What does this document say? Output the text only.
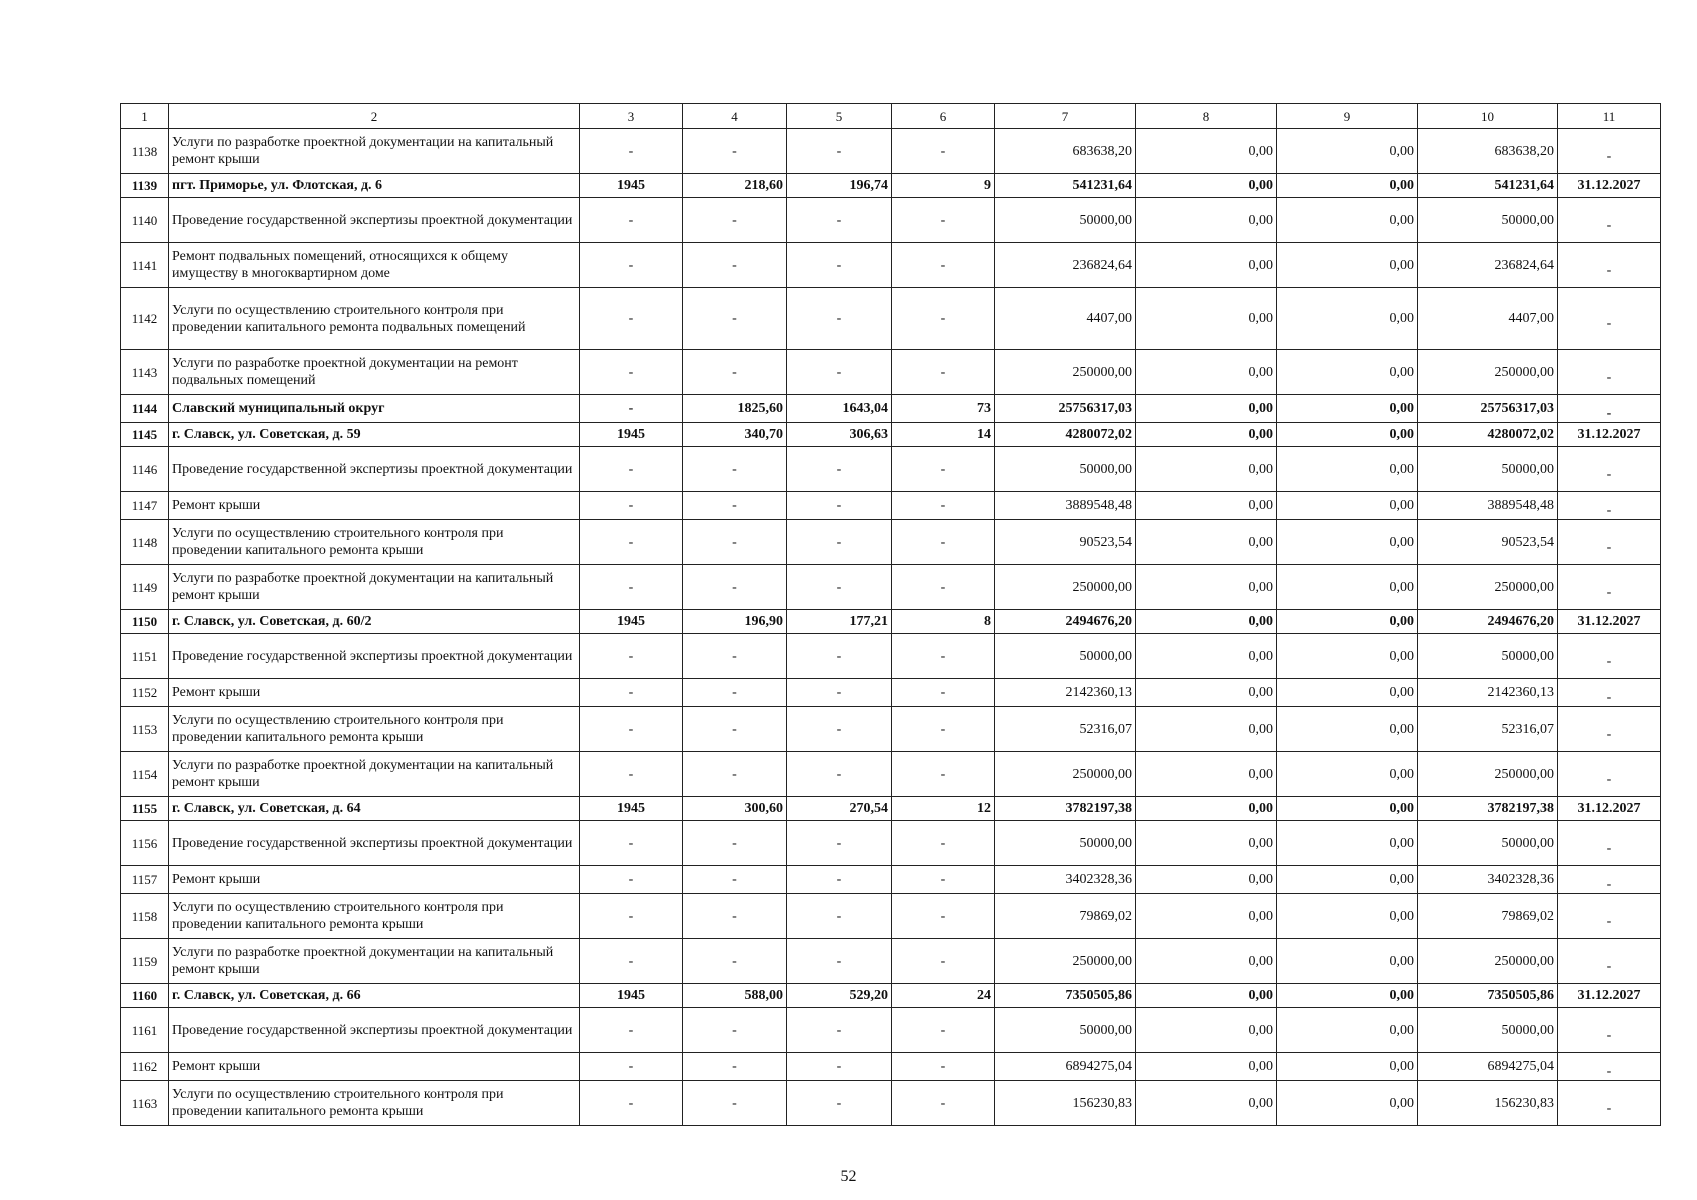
1	2	3	4	5	6	7	8	9	10	11
1138	Услуги по разработке проектной документации на капитальный ремонт крыши	-	-	-	-	683638,20	0,00	0,00	683638,20	-
1139	пгт. Приморье, ул. Флотская, д. 6	1945	218,60	196,74	9	541231,64	0,00	0,00	541231,64	31.12.2027
1140	Проведение государственной экспертизы проектной документации	-	-	-	-	50000,00	0,00	0,00	50000,00	-
1141	Ремонт подвальных помещений, относящихся к общему имуществу в многоквартирном доме	-	-	-	-	236824,64	0,00	0,00	236824,64	-
1142	Услуги по осуществлению строительного контроля при проведении капитального ремонта подвальных помещений	-	-	-	-	4407,00	0,00	0,00	4407,00	-
1143	Услуги по разработке проектной документации на ремонт подвальных помещений	-	-	-	-	250000,00	0,00	0,00	250000,00	-
1144	Славский муниципальный округ	-	1825,60	1643,04	73	25756317,03	0,00	0,00	25756317,03	-
1145	г. Славск, ул. Советская, д. 59	1945	340,70	306,63	14	4280072,02	0,00	0,00	4280072,02	31.12.2027
1146	Проведение государственной экспертизы проектной документации	-	-	-	-	50000,00	0,00	0,00	50000,00	-
1147	Ремонт крыши	-	-	-	-	3889548,48	0,00	0,00	3889548,48	-
1148	Услуги по осуществлению строительного контроля при проведении капитального ремонта крыши	-	-	-	-	90523,54	0,00	0,00	90523,54	-
1149	Услуги по разработке проектной документации на капитальный ремонт крыши	-	-	-	-	250000,00	0,00	0,00	250000,00	-
1150	г. Славск, ул. Советская, д. 60/2	1945	196,90	177,21	8	2494676,20	0,00	0,00	2494676,20	31.12.2027
1151	Проведение государственной экспертизы проектной документации	-	-	-	-	50000,00	0,00	0,00	50000,00	-
1152	Ремонт крыши	-	-	-	-	2142360,13	0,00	0,00	2142360,13	-
1153	Услуги по осуществлению строительного контроля при проведении капитального ремонта крыши	-	-	-	-	52316,07	0,00	0,00	52316,07	-
1154	Услуги по разработке проектной документации на капитальный ремонт крыши	-	-	-	-	250000,00	0,00	0,00	250000,00	-
1155	г. Славск, ул. Советская, д. 64	1945	300,60	270,54	12	3782197,38	0,00	0,00	3782197,38	31.12.2027
1156	Проведение государственной экспертизы проектной документации	-	-	-	-	50000,00	0,00	0,00	50000,00	-
1157	Ремонт крыши	-	-	-	-	3402328,36	0,00	0,00	3402328,36	-
1158	Услуги по осуществлению строительного контроля при проведении капитального ремонта крыши	-	-	-	-	79869,02	0,00	0,00	79869,02	-
1159	Услуги по разработке проектной документации на капитальный ремонт крыши	-	-	-	-	250000,00	0,00	0,00	250000,00	-
1160	г. Славск, ул. Советская, д. 66	1945	588,00	529,20	24	7350505,86	0,00	0,00	7350505,86	31.12.2027
1161	Проведение государственной экспертизы проектной документации	-	-	-	-	50000,00	0,00	0,00	50000,00	-
1162	Ремонт крыши	-	-	-	-	6894275,04	0,00	0,00	6894275,04	-
1163	Услуги по осуществлению строительного контроля при проведении капитального ремонта крыши	-	-	-	-	156230,83	0,00	0,00	156230,83	-
52
